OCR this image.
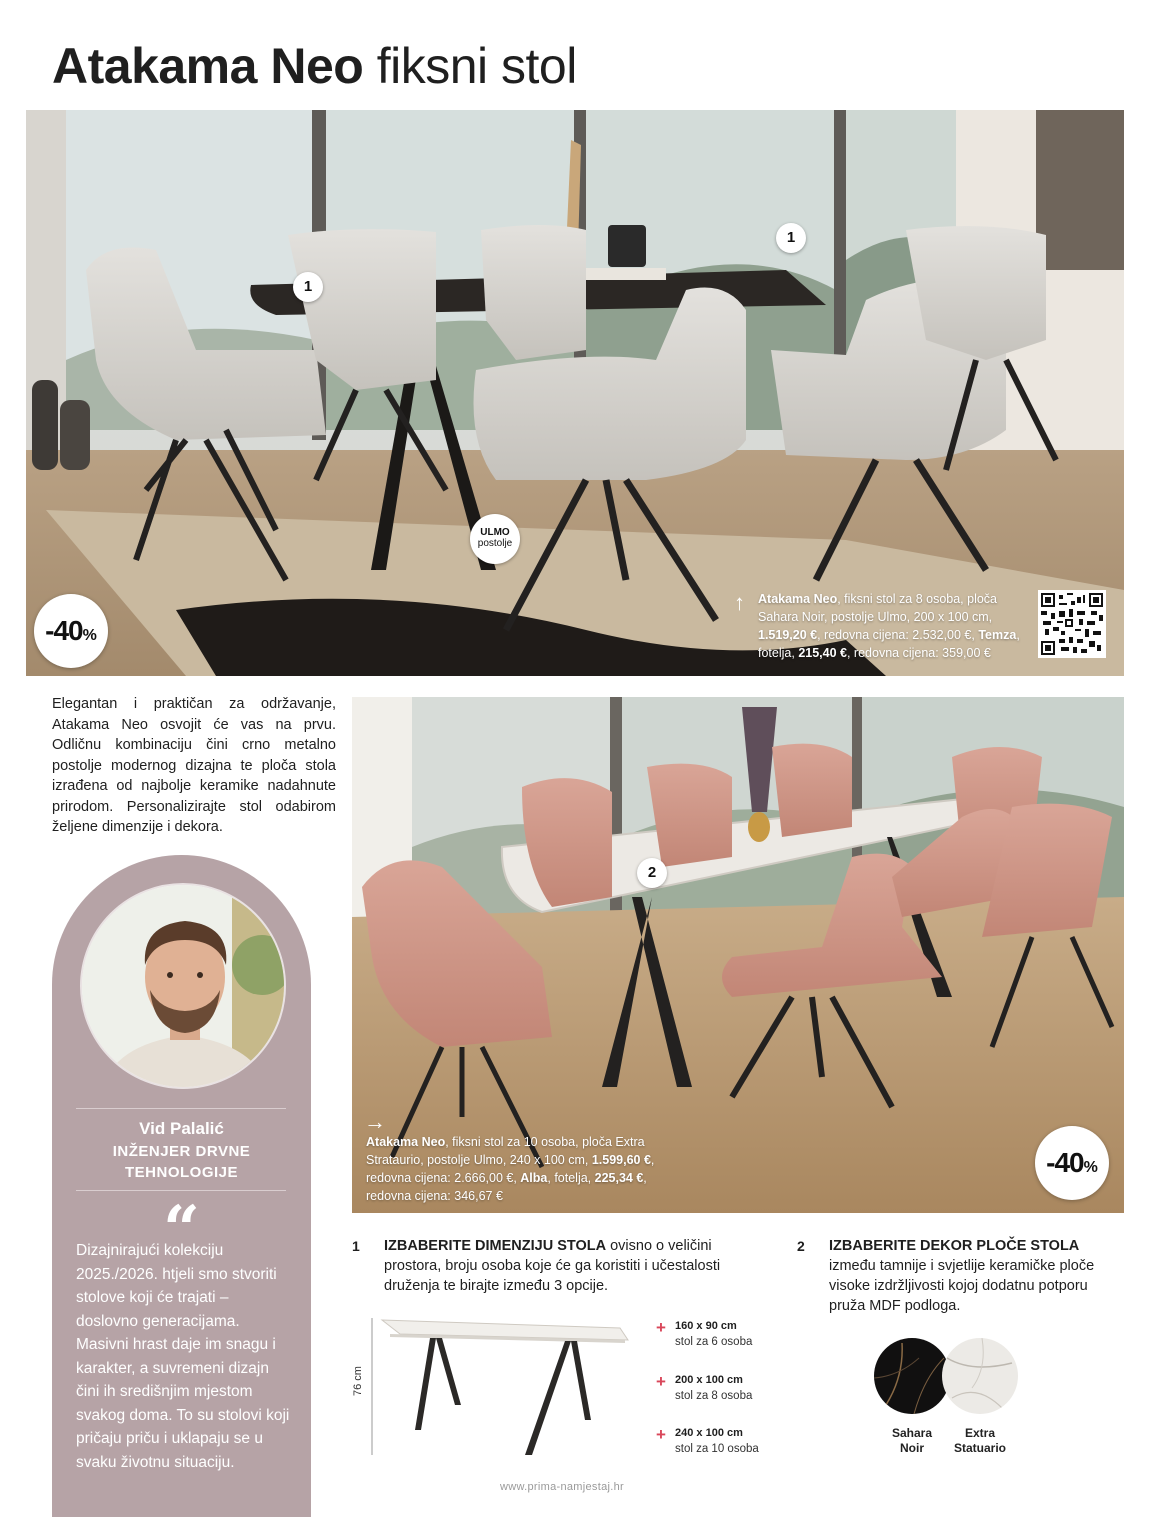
Atakama Neo fiksni stol
1
1
ULMO
postolje
-40%
↑ Atakama Neo, fiksni stol za 8 osoba, ploča
Sahara Noir, postolje Ulmo, 200 x 100 cm,
1.519,20 €, redovna cijena: 2.532,00 €, Temza,
fotelja, 215,40 €, redovna cijena: 359,00 €

Elegantan i praktičan za održavanje, Atakama Neo osvojit će vas na prvu. Odličnu kombinaciju čini crno metalno postolje modernog dizajna te ploča stola izrađena od najbolje keramike nadahnute prirodom. Personalizirajte stol odabirom željene dimenzije i dekora.

2
→
-40%
Atakama Neo, fiksni stol za 10 osoba, ploča Extra
Strataurio, postolje Ulmo, 240 x 100 cm, 1.599,60 €,
redovna cijena: 2.666,00 €, Alba, fotelja, 225,34 €,
redovna cijena: 346,67 €
Vid Palalić
INŽENJER DRVNE
TEHNOLOGIJE
“

Dizajnirajući kolekciju 2025./2026. htjeli smo stvoriti stolove koji će trajati – doslovno generacijama. Masivni hrast daje im snagu i karakter, a suvremeni dizajn čini ih središnjim mjestom svakog doma. To su stolovi koji pričaju priču i uklapaju se u svaku životnu situaciju.

1 IZBABERITE DIMENZIJU STOLA ovisno o veličini prostora, broju osoba koje će ga koristiti i učestalosti druženja te birajte između 3 opcije.

76 cm
+ 160 x 90 cm
stol za 6 osoba
+ 200 x 100 cm
stol za 8 osoba
+ 240 x 100 cm
stol za 10 osoba
2 IZBABERITE DEKOR PLOČE STOLA
između tamnije i svjetlije keramičke ploče visoke izdržljivosti kojoj dodatnu potporu pruža MDF podloga.

Sahara
Noir
Extra
Statuario
www.prima-namjestaj.hr
